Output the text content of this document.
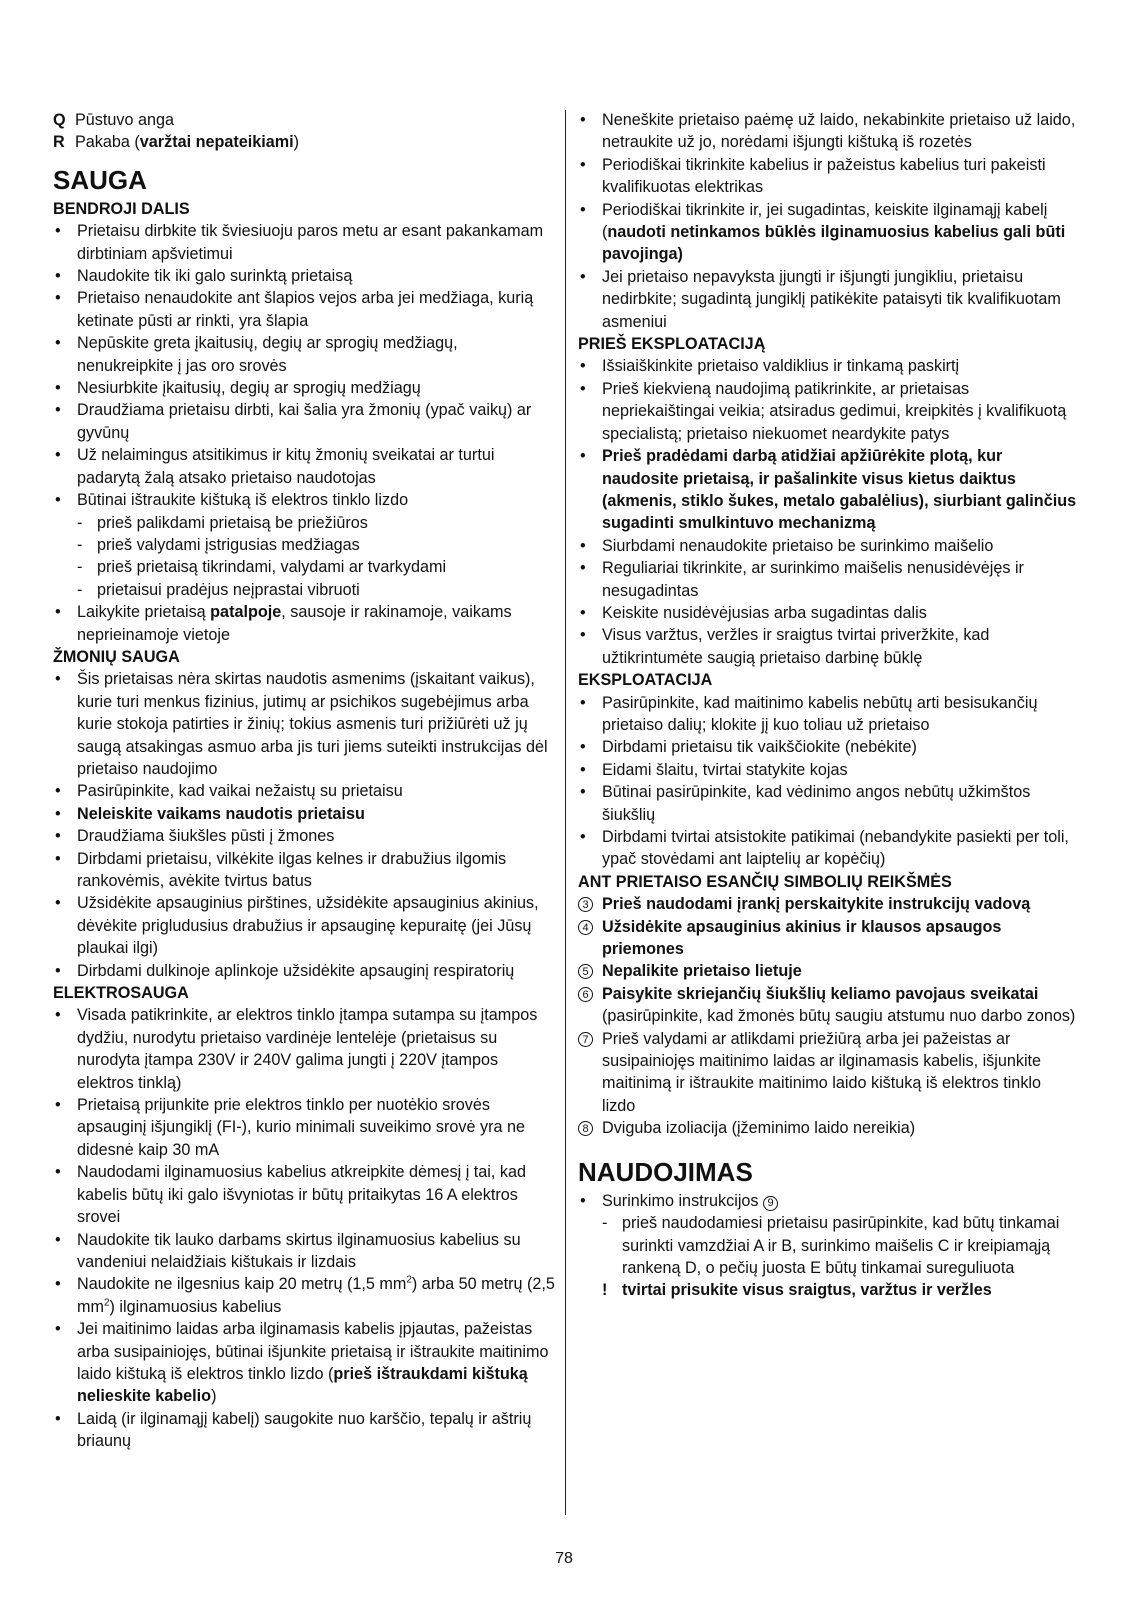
Q Pūstuvo anga
R Pakaba (varžtai nepateikiami)
SAUGA
BENDROJI DALIS
• Prietaisu dirbkite tik šviesiuoju paros metu ar esant pakankamam dirbtiniam apšvietimui
• Naudokite tik iki galo surinktą prietaisą
• Prietaiso nenaudokite ant šlapios vejos arba jei medžiaga, kurią ketinate pūsti ar rinkti, yra šlapia
• Nepūskite greta įkaitusių, degių ar sprogių medžiagų, nenukreipkite į jas oro srovės
• Nesiurbkite įkaitusių, degių ar sprogių medžiagų
• Draudžiama prietaisu dirbti, kai šalia yra žmonių (ypač vaikų) ar gyvūnų
• Už nelaimingus atsitikimus ir kitų žmonių sveikatai ar turtui padarytą žalą atsako prietaiso naudotojas
• Būtinai ištraukite kištuką iš elektros tinklo lizdo
- prieš palikdami prietaisą be priežiūros
- prieš valydami įstrigusias medžiagas
- prieš prietaisą tikrindami, valydami ar tvarkydami
- prietaisui pradėjus neįprastai vibruoti
• Laikykite prietaisą patalpoje, sausoje ir rakinamoje, vaikams neprieinamoje vietoje
ŽMONIŲ SAUGA
• Šis prietaisas nėra skirtas naudotis asmenims (įskaitant vaikus), kurie turi menkus fizinius, jutimų ar psichikos sugebėjimus arba kurie stokoja patirties ir žinių; tokius asmenis turi prižiūrėti už jų saugą atsakingas asmuo arba jis turi jiems suteikti instrukcijas dėl prietaiso naudojimo
• Pasirūpinkite, kad vaikai nežaistų su prietaisu
• Neleiskite vaikams naudotis prietaisu
• Draudžiama šiukšles pūsti į žmones
• Dirbdami prietaisu, vilkėkite ilgas kelnes ir drabužius ilgomis rankovėmis, avėkite tvirtus batus
• Užsidėkite apsauginius pirštines, užsidėkite apsauginius akinius, dėvėkite prigludusius drabužius ir apsauginę kepuraitę (jei Jūsų plaukai ilgi)
• Dirbdami dulkinoje aplinkoje užsidėkite apsauginį respiratorių
ELEKTROSAUGA
• Visada patikrinkite, ar elektros tinklo įtampa sutampa su įtampos dydžiu, nurodytu prietaiso vardinėje lentelėje (prietaisus su nurodyta įtampa 230V ir 240V galima jungti į 220V įtampos elektros tinklą)
• Prietaisą prijunkite prie elektros tinklo per nuotėkio srovės apsauginį išjungiklį (FI-), kurio minimali suveikimo srovė yra ne didesnė kaip 30 mA
• Naudodami ilginamuosius kabelius atkreipkite dėmesį į tai, kad kabelis būtų iki galo išvyniotas ir būtų pritaikytas 16 A elektros srovei
• Naudokite tik lauko darbams skirtus ilginamuosius kabelius su vandeniui nelaidžiais kištukais ir lizdais
• Naudokite ne ilgesnius kaip 20 metrų (1,5 $mm^2$) arba 50 metrų (2,5 $mm^2$) ilginamuosius kabelius
• Jei maitinimo laidas arba ilginamasis kabelis įpjautas, pažeistas arba susipainiojęs, būtinai išjunkite prietaisą ir ištraukite maitinimo laido kištuką iš elektros tinklo lizdo (prieš ištraukdami kištuką nelieskite kabelio)
• Laidą (ir ilginamąjį kabelį) saugokite nuo karščio, tepalų ir aštrių briaunų
• Neneškite prietaiso paėmę už laido, nekabinkite prietaiso už laido, netraukite už jo, norėdami išjungti kištuką iš rozetės
• Periodiškai tikrinkite kabelius ir pažeistus kabelius turi pakeisti kvalifikuotas elektrikas
• Periodiškai tikrinkite ir, jei sugadintas, keiskite ilginamąjį kabelį (naudoti netinkamos būklės ilginamuosius kabelius gali būti pavojinga)
• Jei prietaiso nepavyksta įjungti ir išjungti jungikliu, prietaisu nedirbkite; sugadintą jungiklį patikėkite pataisyti tik kvalifikuotam asmeniui
PRIEŠ EKSPLOATACIJĄ
• Išsiaiškinkite prietaiso valdiklius ir tinkamą paskirtį
• Prieš kiekvieną naudojimą patikrinkite, ar prietaisas nepriekaištingai veikia; atsiradus gedimui, kreipkitės į kvalifikuotą specialistą; prietaiso niekuomet neardykite patys
• Prieš pradėdami darbą atidžiai apžiūrėkite plotą, kur naudosite prietaisą, ir pašalinkite visus kietus daiktus (akmenis, stiklo šukes, metalo gabalėlius), siurbiant galinčius sugadinti smulkintuvo mechanizmą
• Siurbdami nenaudokite prietaiso be surinkimo maišelio
• Reguliariai tikrinkite, ar surinkimo maišelis nenusidėvėjęs ir nesugadintas
• Keiskite nusidėvėjusias arba sugadintas dalis
• Visus varžtus, veržles ir sraigtus tvirtai priveržkite, kad užtikrintumėte saugią prietaiso darbinę būklę
EKSPLOATACIJA
• Pasirūpinkite, kad maitinimo kabelis nebūtų arti besisukančių prietaiso dalių; klokite jį kuo toliau už prietaiso
• Dirbdami prietaisu tik vaikščiokite (nebėkite)
• Eidami šlaitu, tvirtai statykite kojas
• Būtinai pasirūpinkite, kad vėdinimo angos nebūtų užkimštos šiukšlių
• Dirbdami tvirtai atsistokite patikimai (nebandykite pasiekti per toli, ypač stovėdami ant laiptelių ar kopėčių)
ANT PRIETAISO ESANČIŲ SIMBOLIŲ REIKŠMĖS
3 Prieš naudodami įrankį perskaitykite instrukcijų vadovą
4 Užsidėkite apsauginius akinius ir klausos apsaugos priemones
5 Nepalikite prietaiso lietuje
6 Paisykite skriejančių šiukšlių keliamo pavojaus sveikatai (pasirūpinkite, kad žmonės būtų saugiu atstumu nuo darbo zonos)
7 Prieš valydami ar atlikdami priežiūrą arba jei pažeistas ar susipainiojęs maitinimo laidas ar ilginamasis kabelis, išjunkite maitinimą ir ištraukite maitinimo laido kištuką iš elektros tinklo lizdo
8 Dviguba izoliacija (įžeminimo laido nereikia)
NAUDOJIMAS
• Surinkimo instrukcijos 9
- prieš naudodamiesi prietaisu pasirūpinkite, kad būtų tinkamai surinkti vamzdžiai A ir B, surinkimo maišelis C ir kreipiamąją rankeną D, o pečių juosta E būtų tinkamai sureguliuota
! tvirtai prisukite visus sraigtus, varžtus ir veržles
78
